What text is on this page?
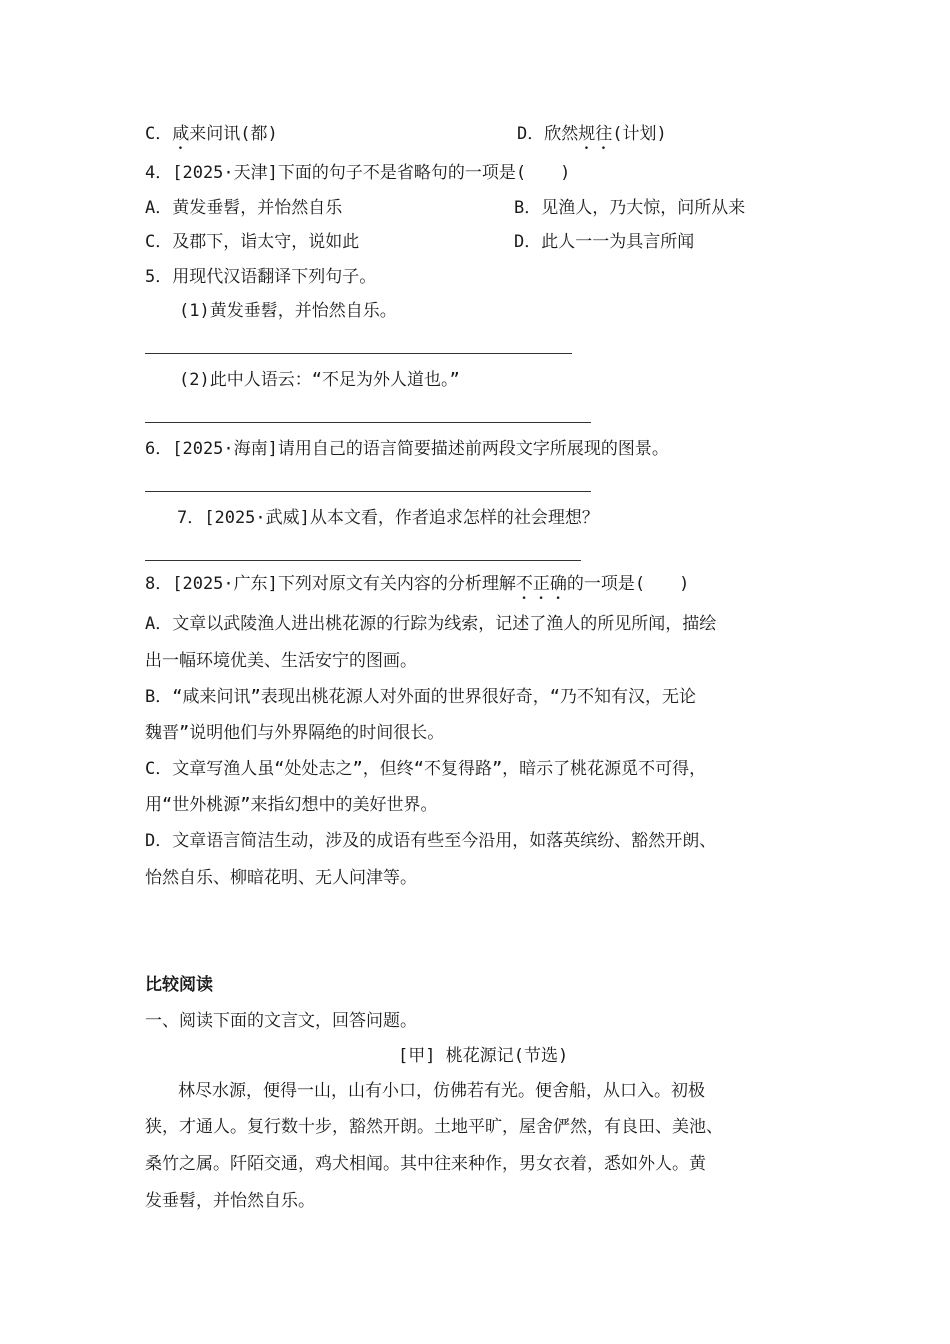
C．咸来问讯(都)	D．欣然规往(计划)
4．[2025·天津]下面的句子不是省略句的一项是(　　)
A．黄发垂髫，并怡然自乐	B．见渔人，乃大惊，问所从来
C．及郡下，诣太守，说如此	D．此人一一为具言所闻
5．用现代汉语翻译下列句子。
(1)黄发垂髫，并怡然自乐。
(2)此中人语云：“不足为外人道也。”
6．[2025·海南]请用自己的语言简要描述前两段文字所展现的图景。
7．[2025·武威]从本文看，作者追求怎样的社会理想？
8．[2025·广东]下列对原文有关内容的分析理解不正确的一项是(　　)
A．文章以武陵渔人进出桃花源的行踪为线索，记述了渔人的所见所闻，描绘
出一幅环境优美、生活安宁的图画。
B．“咸来问讯”表现出桃花源人对外面的世界很好奇，“乃不知有汉，无论
魏晋”说明他们与外界隔绝的时间很长。
C．文章写渔人虽“处处志之”，但终“不复得路”，暗示了桃花源觅不可得，
用“世外桃源”来指幻想中的美好世界。
D．文章语言简洁生动，涉及的成语有些至今沿用，如落英缤纷、豁然开朗、
怡然自乐、柳暗花明、无人问津等。
比较阅读
一、阅读下面的文言文，回答问题。
[甲] 桃花源记(节选)
林尽水源，便得一山，山有小口，仿佛若有光。便舍船，从口入。初极
狭，才通人。复行数十步，豁然开朗。土地平旷，屋舍俨然，有良田、美池、
桑竹之属。阡陌交通，鸡犬相闻。其中往来种作，男女衣着，悉如外人。黄
发垂髫，并怡然自乐。
